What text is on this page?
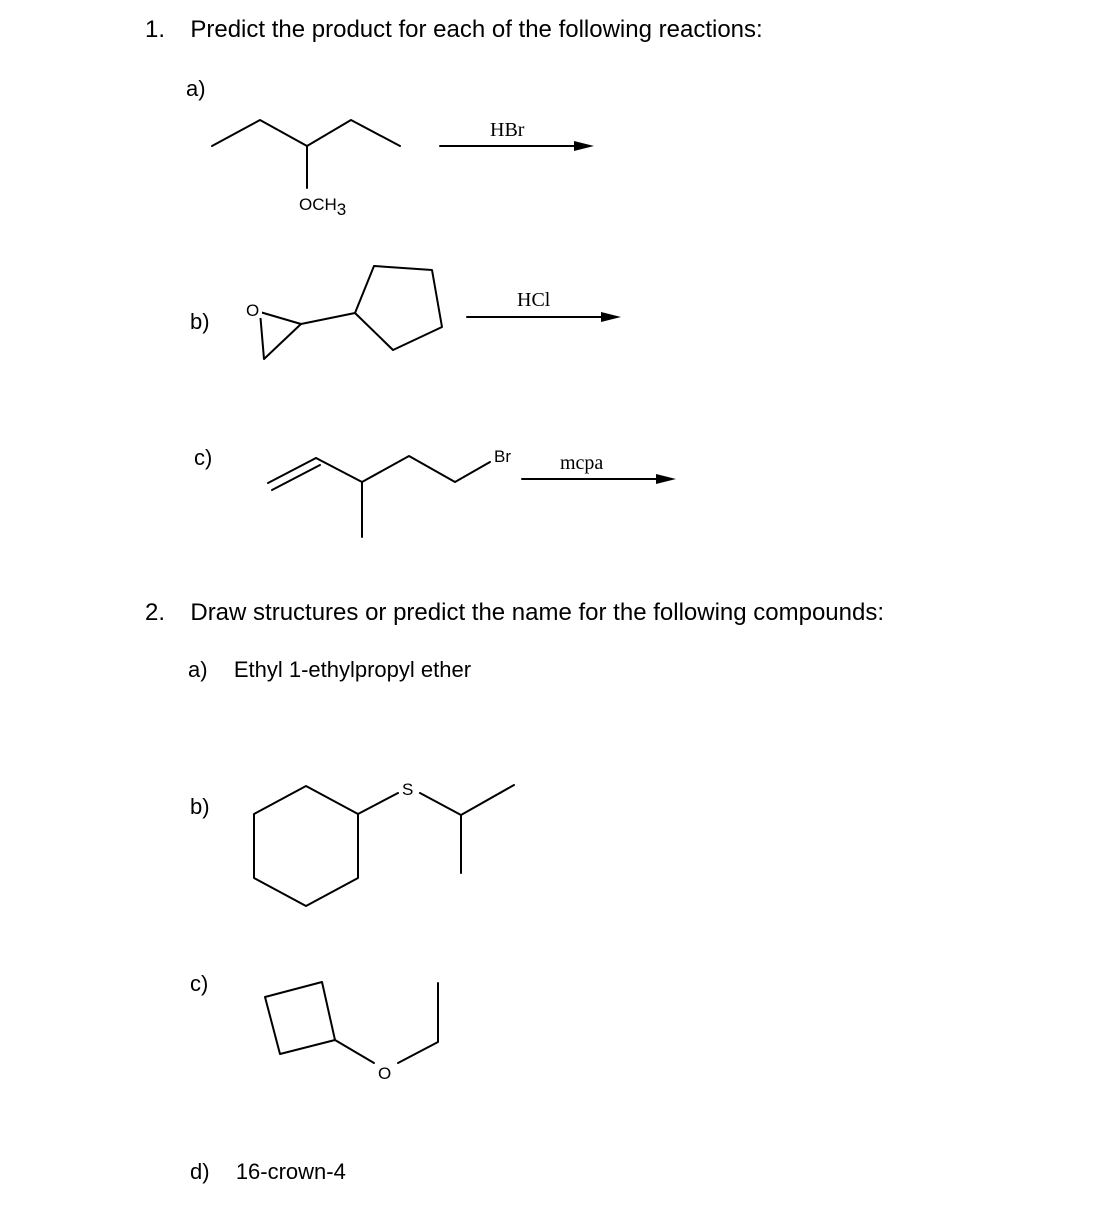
1. Predict the product for each of the following reactions:
a)
b)
c)
2. Draw structures or predict the name for the following compounds:
a) Ethyl 1-ethylpropyl ether
b)
c)
d) 16-crown-4
OCH3
HBr
O	HCl
Br mcpa
S
O
